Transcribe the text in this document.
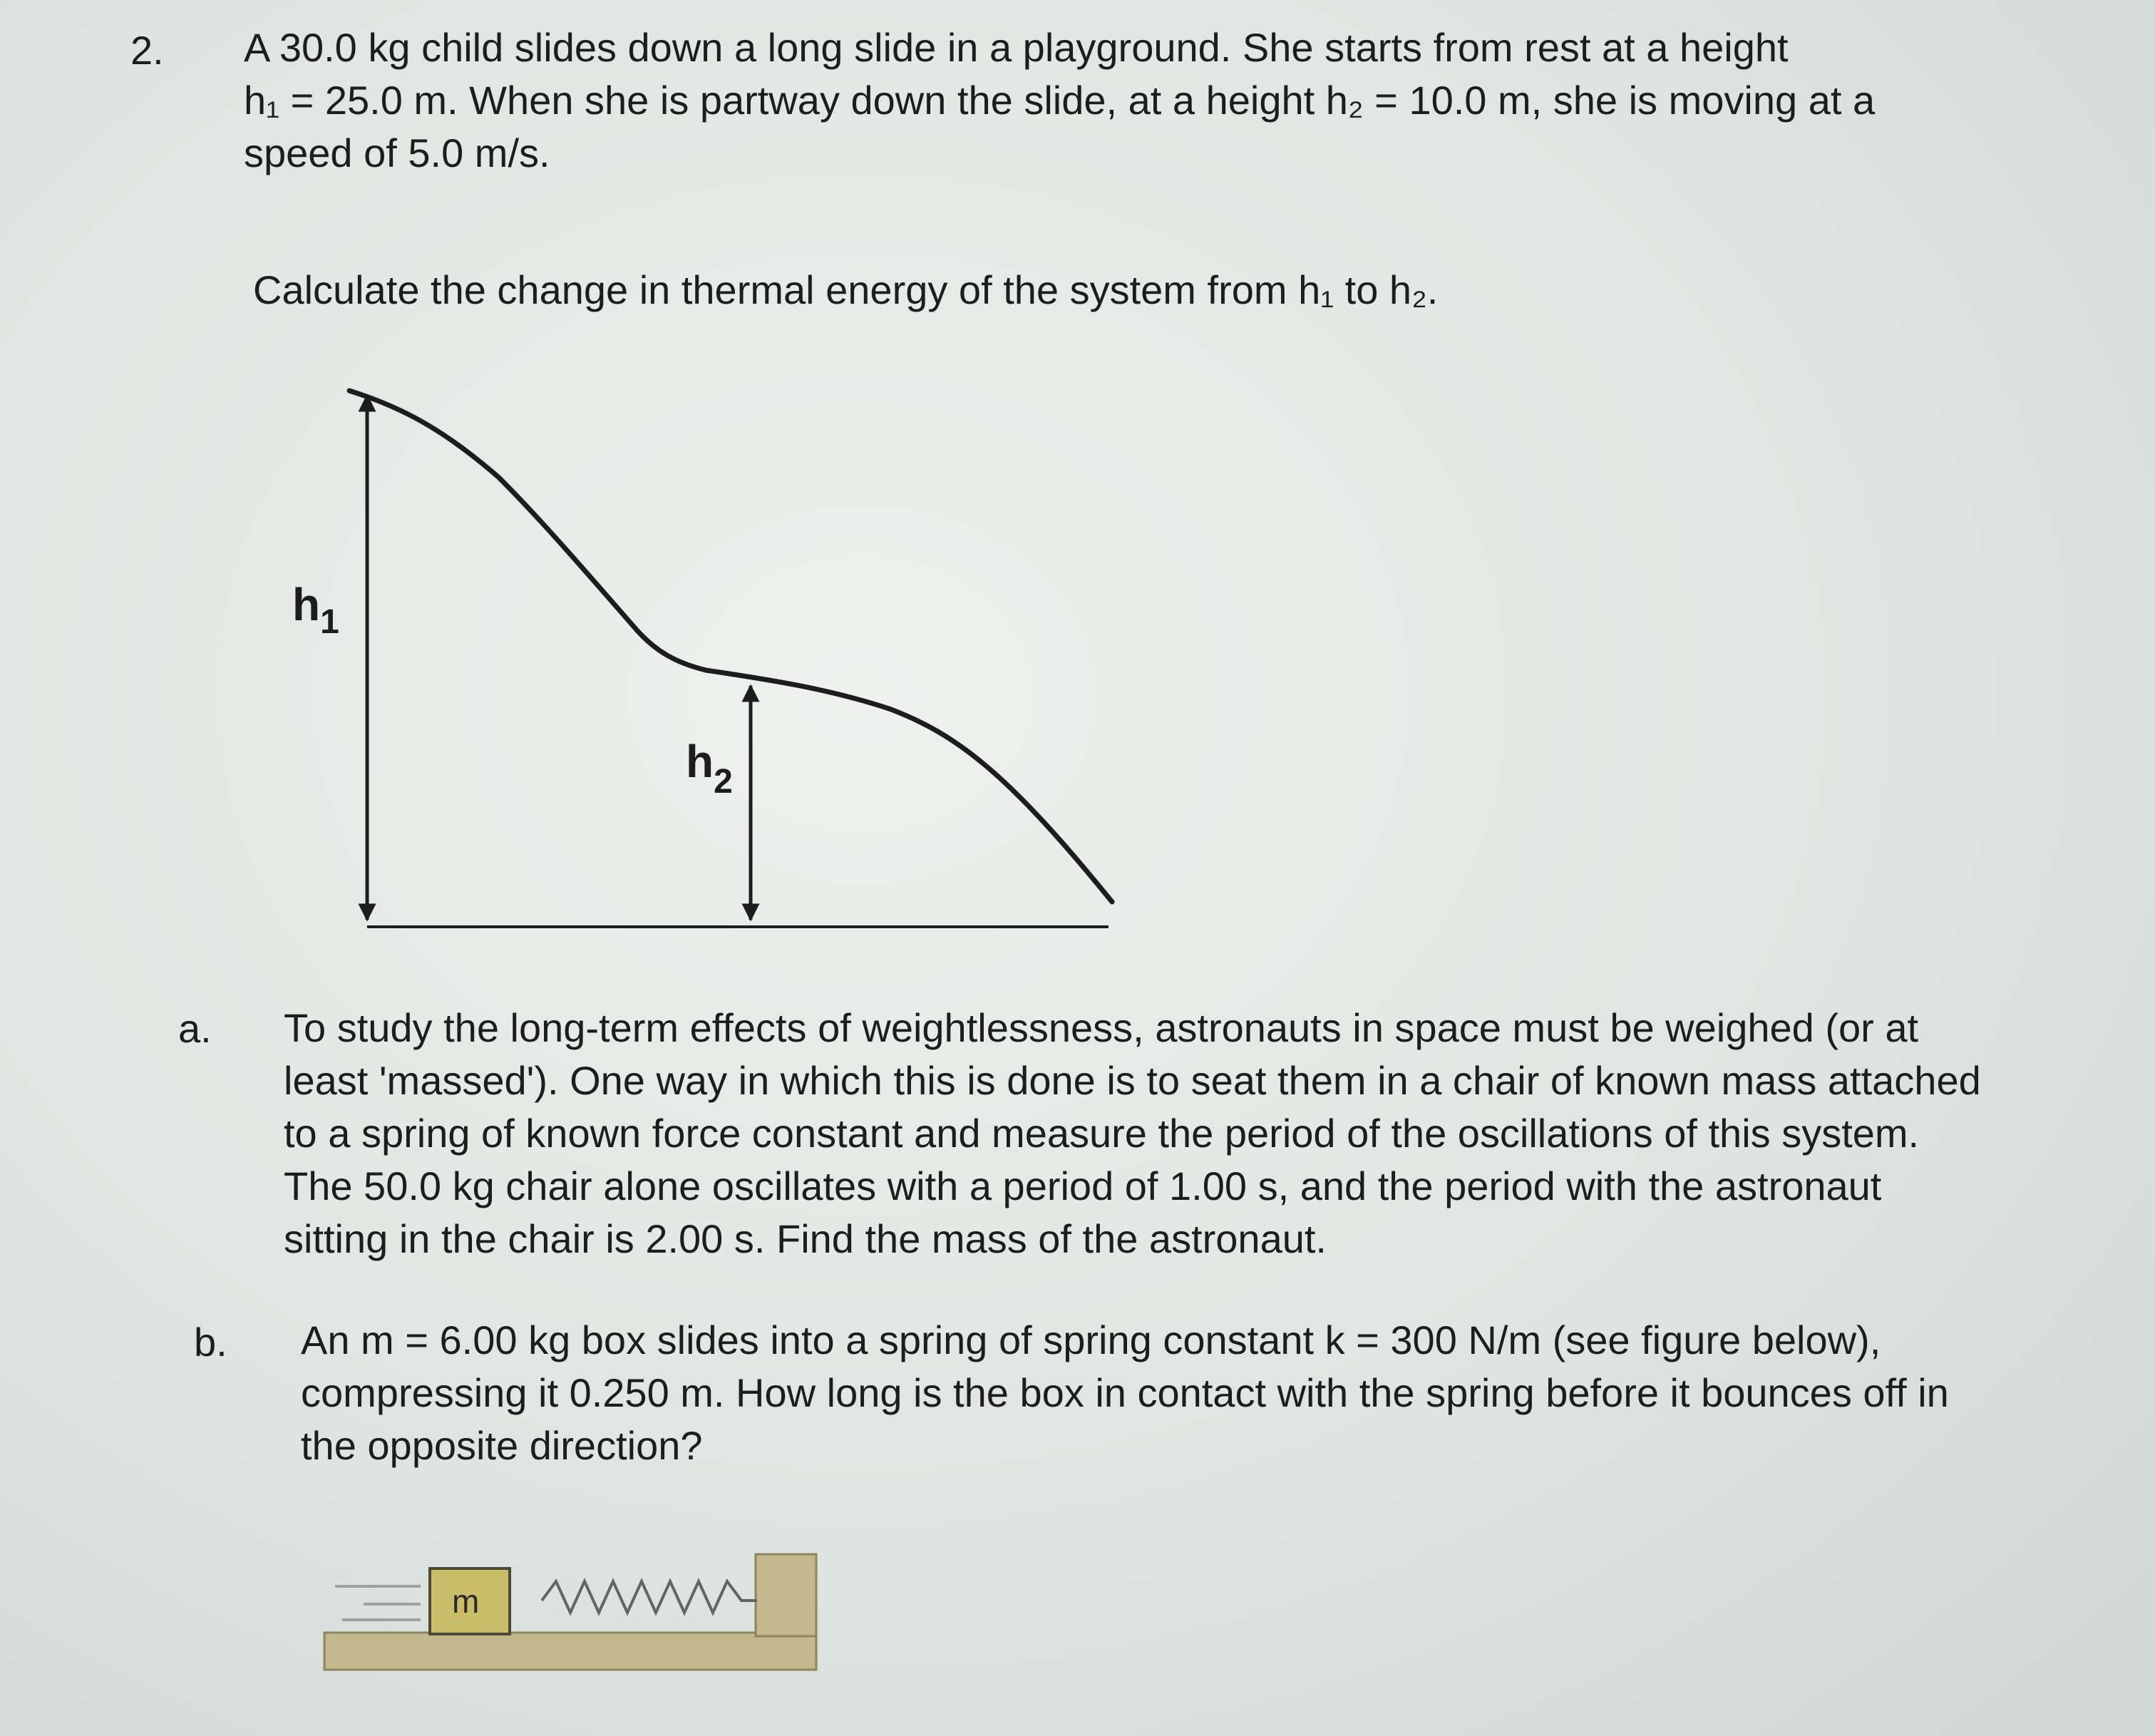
2. A 30.0 kg child slides down a long slide in a playground. She starts from rest at a height
h₁ = 25.0 m. When she is partway down the slide, at a height h₂ = 10.0 m, she is moving at a
speed of 5.0 m/s.
Calculate the change in thermal energy of the system from h₁ to h₂.
$h_1$
$h_2$
m
a. To study the long-term effects of weightlessness, astronauts in space must be weighed (or at
least 'massed'). One way in which this is done is to seat them in a chair of known mass attached
to a spring of known force constant and measure the period of the oscillations of this system.
The 50.0 kg chair alone oscillates with a period of 1.00 s, and the period with the astronaut
sitting in the chair is 2.00 s. Find the mass of the astronaut.
b. An m = 6.00 kg box slides into a spring of spring constant k = 300 N/m (see figure below),
compressing it 0.250 m. How long is the box in contact with the spring before it bounces off in
the opposite direction?
